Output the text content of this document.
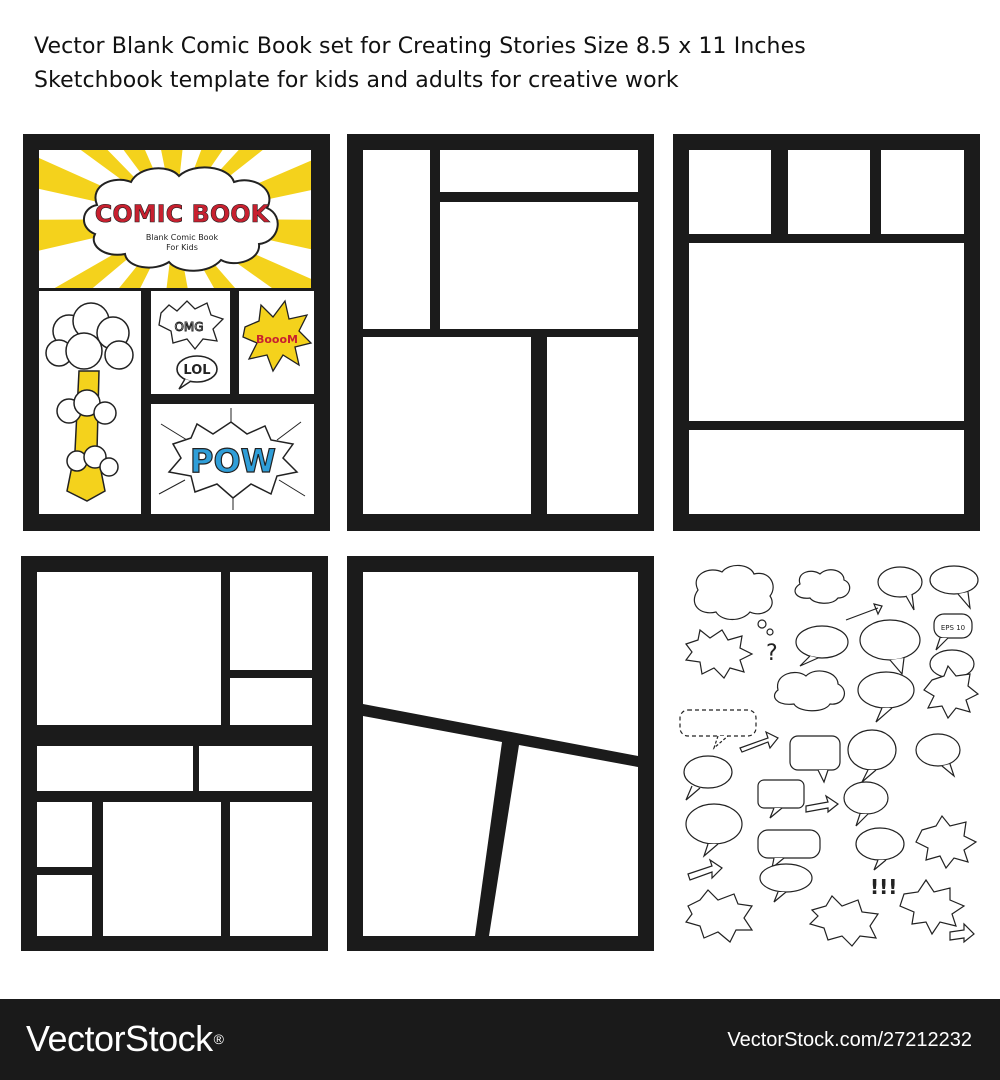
Vector Blank Comic Book set for Creating Stories Size 8.5 x 11 Inches
Sketchbook template for kids and adults for creative work
COMIC BOOK
Blank Comic Book
For Kids
OMG
LOL
BoooM
POW
?
EPS 10
!!!
VectorStock®	VectorStock.com/27212232
